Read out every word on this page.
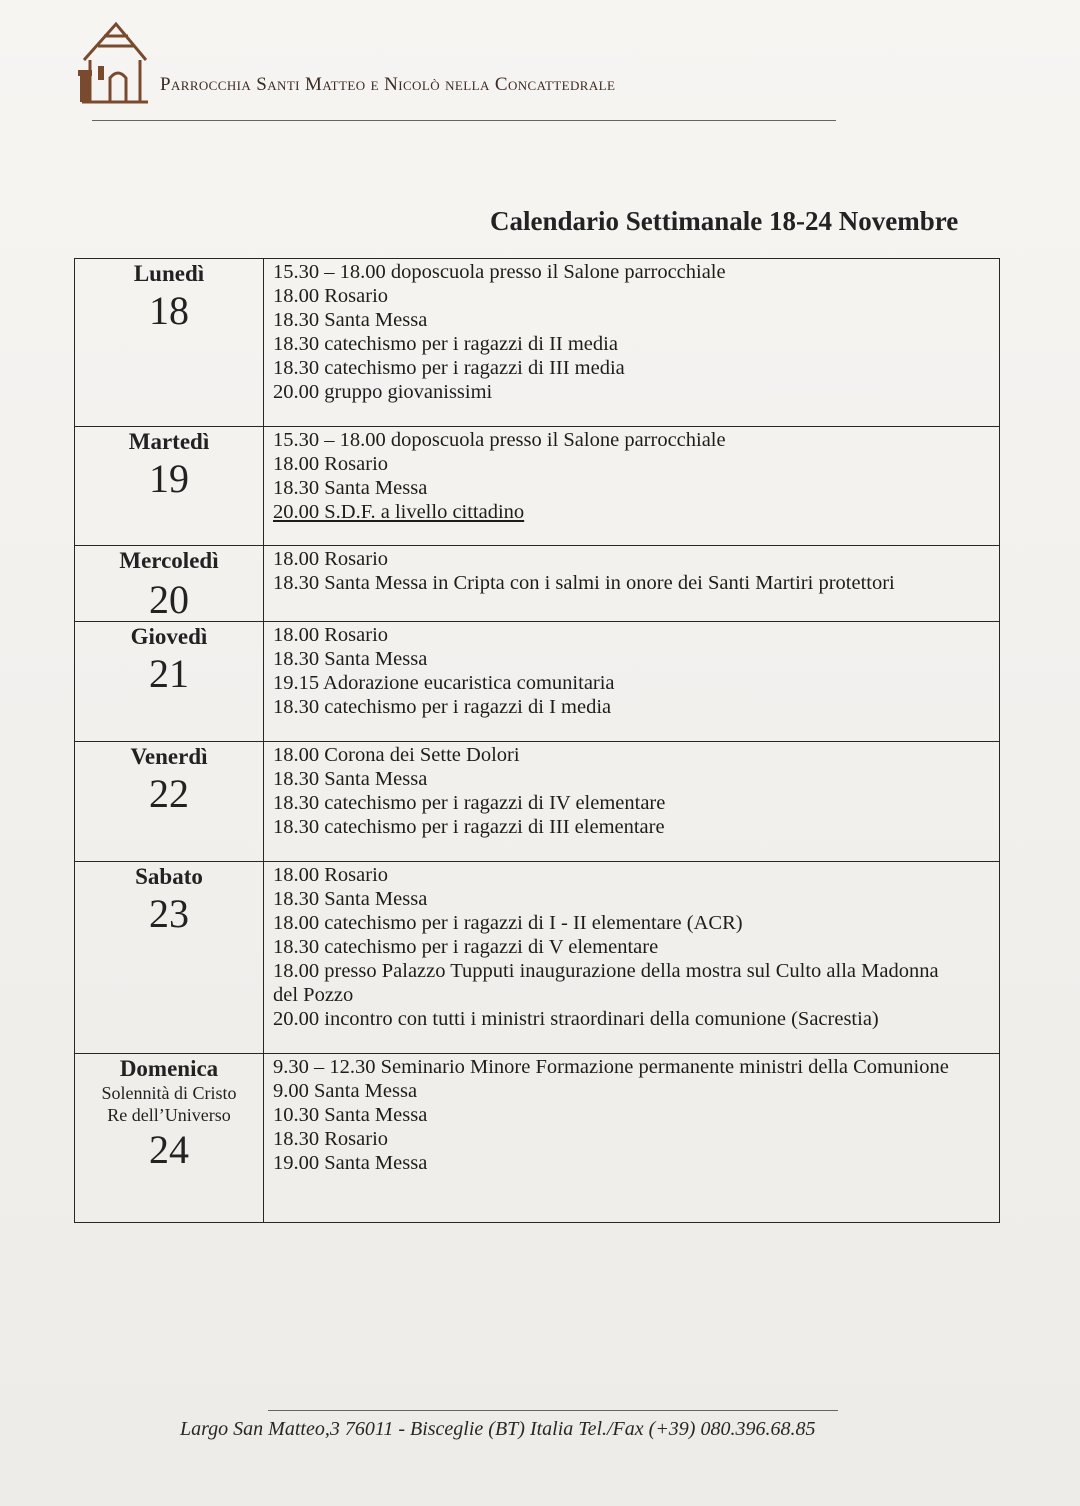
Parrocchia Santi Matteo e Nicolò nella Concattedrale
Calendario Settimanale 18-24 Novembre
Lunedì
18
15.30 – 18.00 doposcuola presso il Salone parrocchiale
18.00 Rosario
18.30 Santa Messa
18.30 catechismo per i ragazzi di II media
18.30 catechismo per i ragazzi di III media
20.00 gruppo giovanissimi
Martedì
19
15.30 – 18.00 doposcuola presso il Salone parrocchiale
18.00 Rosario
18.30 Santa Messa
20.00 S.D.F. a livello cittadino
Mercoledì
20
18.00 Rosario
18.30 Santa Messa in Cripta con i salmi in onore dei Santi Martiri protettori
Giovedì
21
18.00 Rosario
18.30 Santa Messa
19.15 Adorazione eucaristica comunitaria
18.30 catechismo per i ragazzi di I media
Venerdì
22
18.00 Corona dei Sette Dolori
18.30 Santa Messa
18.30 catechismo per i ragazzi di IV elementare
18.30 catechismo per i ragazzi di III elementare
Sabato
23
18.00 Rosario
18.30 Santa Messa
18.00 catechismo per i ragazzi di I - II elementare (ACR)
18.30 catechismo per i ragazzi di V elementare
18.00 presso Palazzo Tupputi inaugurazione della mostra sul Culto alla Madonna del Pozzo
20.00 incontro con tutti i ministri straordinari della comunione (Sacrestia)
Domenica
Solennità di Cristo
Re dell’Universo
24
9.30 – 12.30 Seminario Minore Formazione permanente ministri della Comunione
9.00 Santa Messa
10.30 Santa Messa
18.30 Rosario
19.00 Santa Messa
Largo San Matteo,3 76011 - Bisceglie (BT) Italia Tel./Fax (+39) 080.396.68.85
